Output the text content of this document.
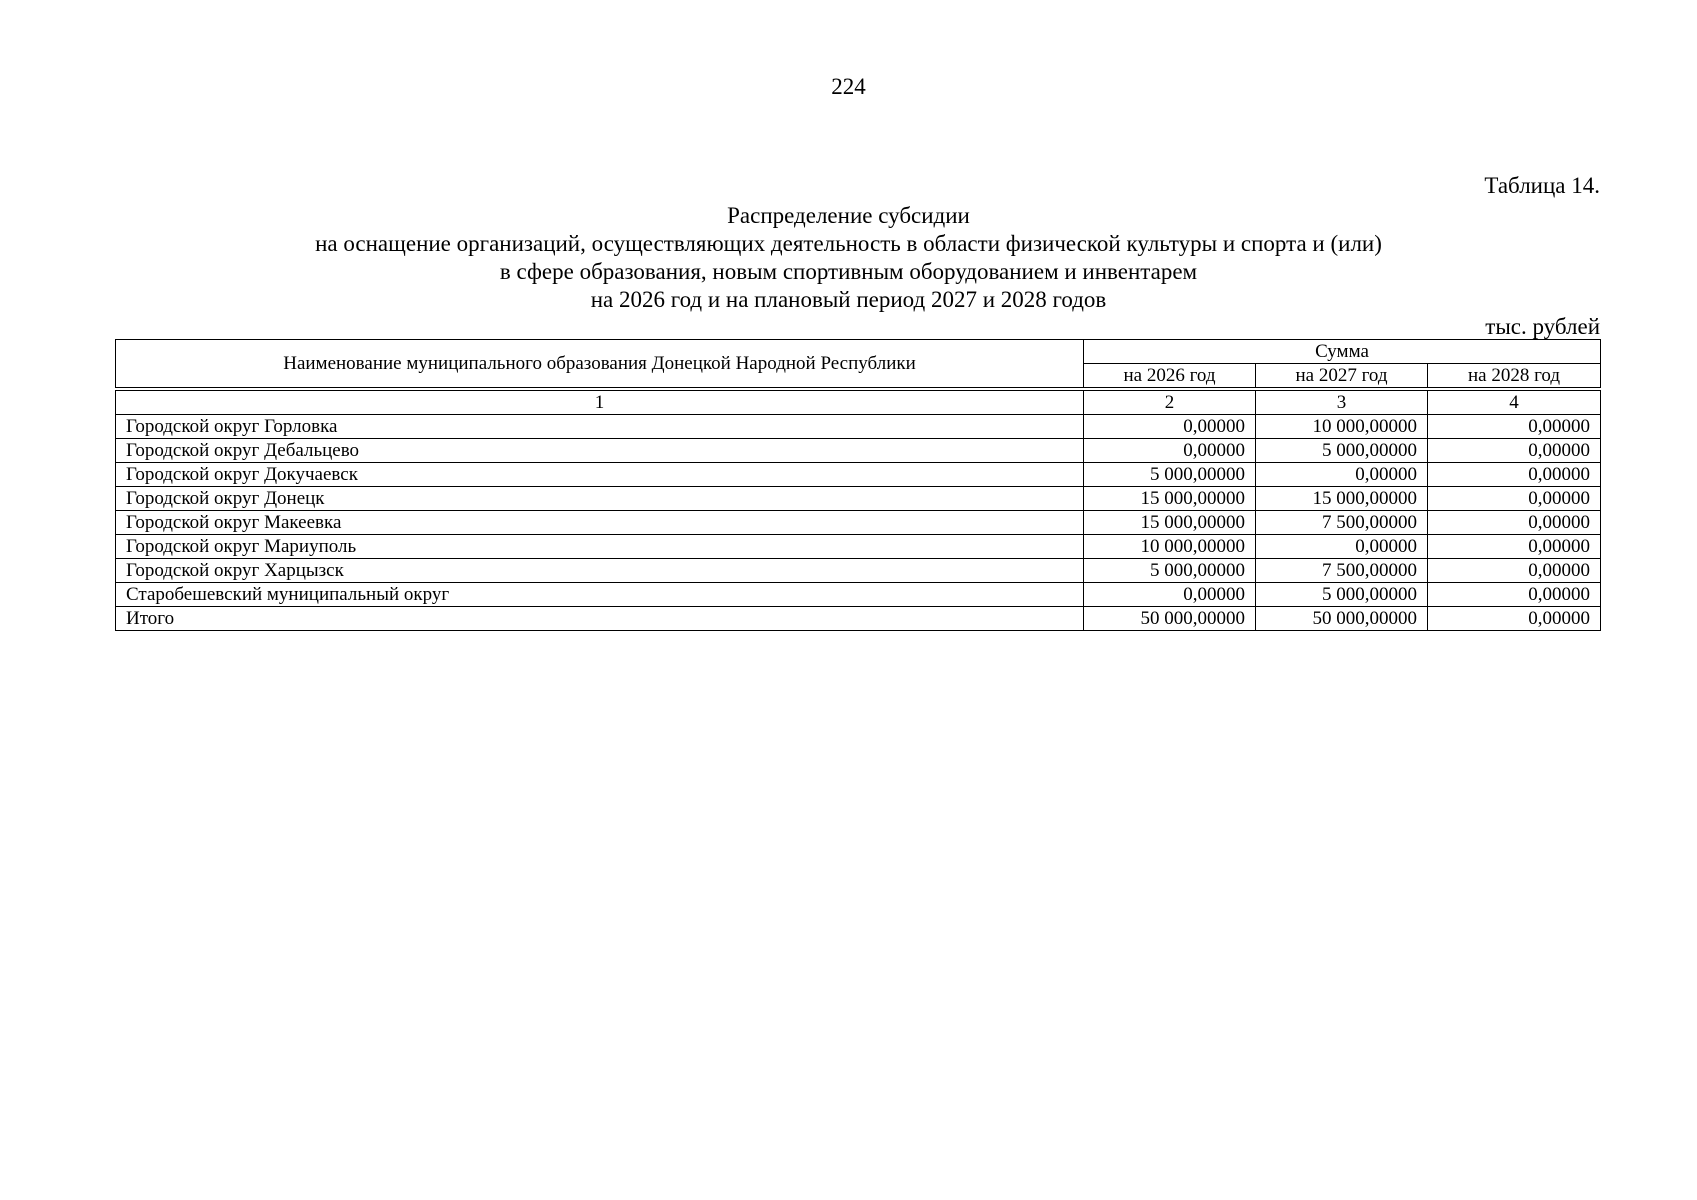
224
Таблица 14.
Распределение субсидии
на оснащение организаций, осуществляющих деятельность в области физической культуры и спорта и (или)
в сфере образования, новым спортивным оборудованием и инвентарем
на 2026 год и на плановый период 2027 и 2028 годов
тыс. рублей
Наименование муниципального образования Донецкой Народной Республики	Сумма		
	на 2026 год	на 2027 год	на 2028 год

1	2	3	4
Городской округ Горловка	0,00000	10 000,00000	0,00000
Городской округ Дебальцево	0,00000	5 000,00000	0,00000
Городской округ Докучаевск	5 000,00000	0,00000	0,00000
Городской округ Донецк	15 000,00000	15 000,00000	0,00000
Городской округ Макеевка	15 000,00000	7 500,00000	0,00000
Городской округ Мариуполь	10 000,00000	0,00000	0,00000
Городской округ Харцызск	5 000,00000	7 500,00000	0,00000
Старобешевский муниципальный округ	0,00000	5 000,00000	0,00000
Итого	50 000,00000	50 000,00000	0,00000
